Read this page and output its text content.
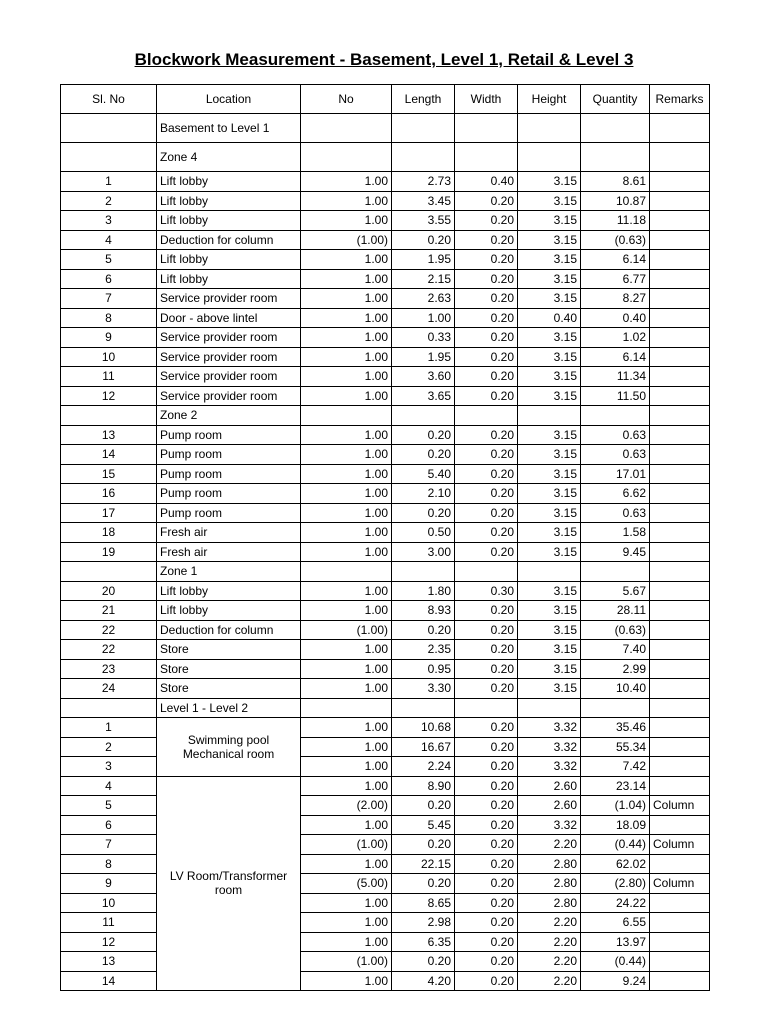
Blockwork Measurement - Basement, Level 1, Retail & Level 3
Sl. No	Location	No	Length	Width	Height	Quantity	Remarks
	Basement to Level 1						
	Zone 4						
1	Lift lobby	1.00	2.73	0.40	3.15	8.61	
2	Lift lobby	1.00	3.45	0.20	3.15	10.87	
3	Lift lobby	1.00	3.55	0.20	3.15	11.18	
4	Deduction for column	(1.00)	0.20	0.20	3.15	(0.63)	
5	Lift lobby	1.00	1.95	0.20	3.15	6.14	
6	Lift lobby	1.00	2.15	0.20	3.15	6.77	
7	Service provider room	1.00	2.63	0.20	3.15	8.27	
8	Door - above lintel	1.00	1.00	0.20	0.40	0.40	
9	Service provider room	1.00	0.33	0.20	3.15	1.02	
10	Service provider room	1.00	1.95	0.20	3.15	6.14	
11	Service provider room	1.00	3.60	0.20	3.15	11.34	
12	Service provider room	1.00	3.65	0.20	3.15	11.50	
	Zone 2						
13	Pump room	1.00	0.20	0.20	3.15	0.63	
14	Pump room	1.00	0.20	0.20	3.15	0.63	
15	Pump room	1.00	5.40	0.20	3.15	17.01	
16	Pump room	1.00	2.10	0.20	3.15	6.62	
17	Pump room	1.00	0.20	0.20	3.15	0.63	
18	Fresh air	1.00	0.50	0.20	3.15	1.58	
19	Fresh air	1.00	3.00	0.20	3.15	9.45	
	Zone 1						
20	Lift lobby	1.00	1.80	0.30	3.15	5.67	
21	Lift lobby	1.00	8.93	0.20	3.15	28.11	
22	Deduction for column	(1.00)	0.20	0.20	3.15	(0.63)	
22	Store	1.00	2.35	0.20	3.15	7.40	
23	Store	1.00	0.95	0.20	3.15	2.99	
24	Store	1.00	3.30	0.20	3.15	10.40	
	Level 1 - Level 2						
1	Swimming pool Mechanical room	1.00	10.68	0.20	3.32	35.46	
2		1.00	16.67	0.20	3.32	55.34	
3		1.00	2.24	0.20	3.32	7.42	
4	LV Room/Transformer room	1.00	8.90	0.20	2.60	23.14	
5		(2.00)	0.20	0.20	2.60	(1.04)	Column
6		1.00	5.45	0.20	3.32	18.09	
7		(1.00)	0.20	0.20	2.20	(0.44)	Column
8		1.00	22.15	0.20	2.80	62.02	
9		(5.00)	0.20	0.20	2.80	(2.80)	Column
10		1.00	8.65	0.20	2.80	24.22	
11		1.00	2.98	0.20	2.20	6.55	
12		1.00	6.35	0.20	2.20	13.97	
13		(1.00)	0.20	0.20	2.20	(0.44)	
14		1.00	4.20	0.20	2.20	9.24	
